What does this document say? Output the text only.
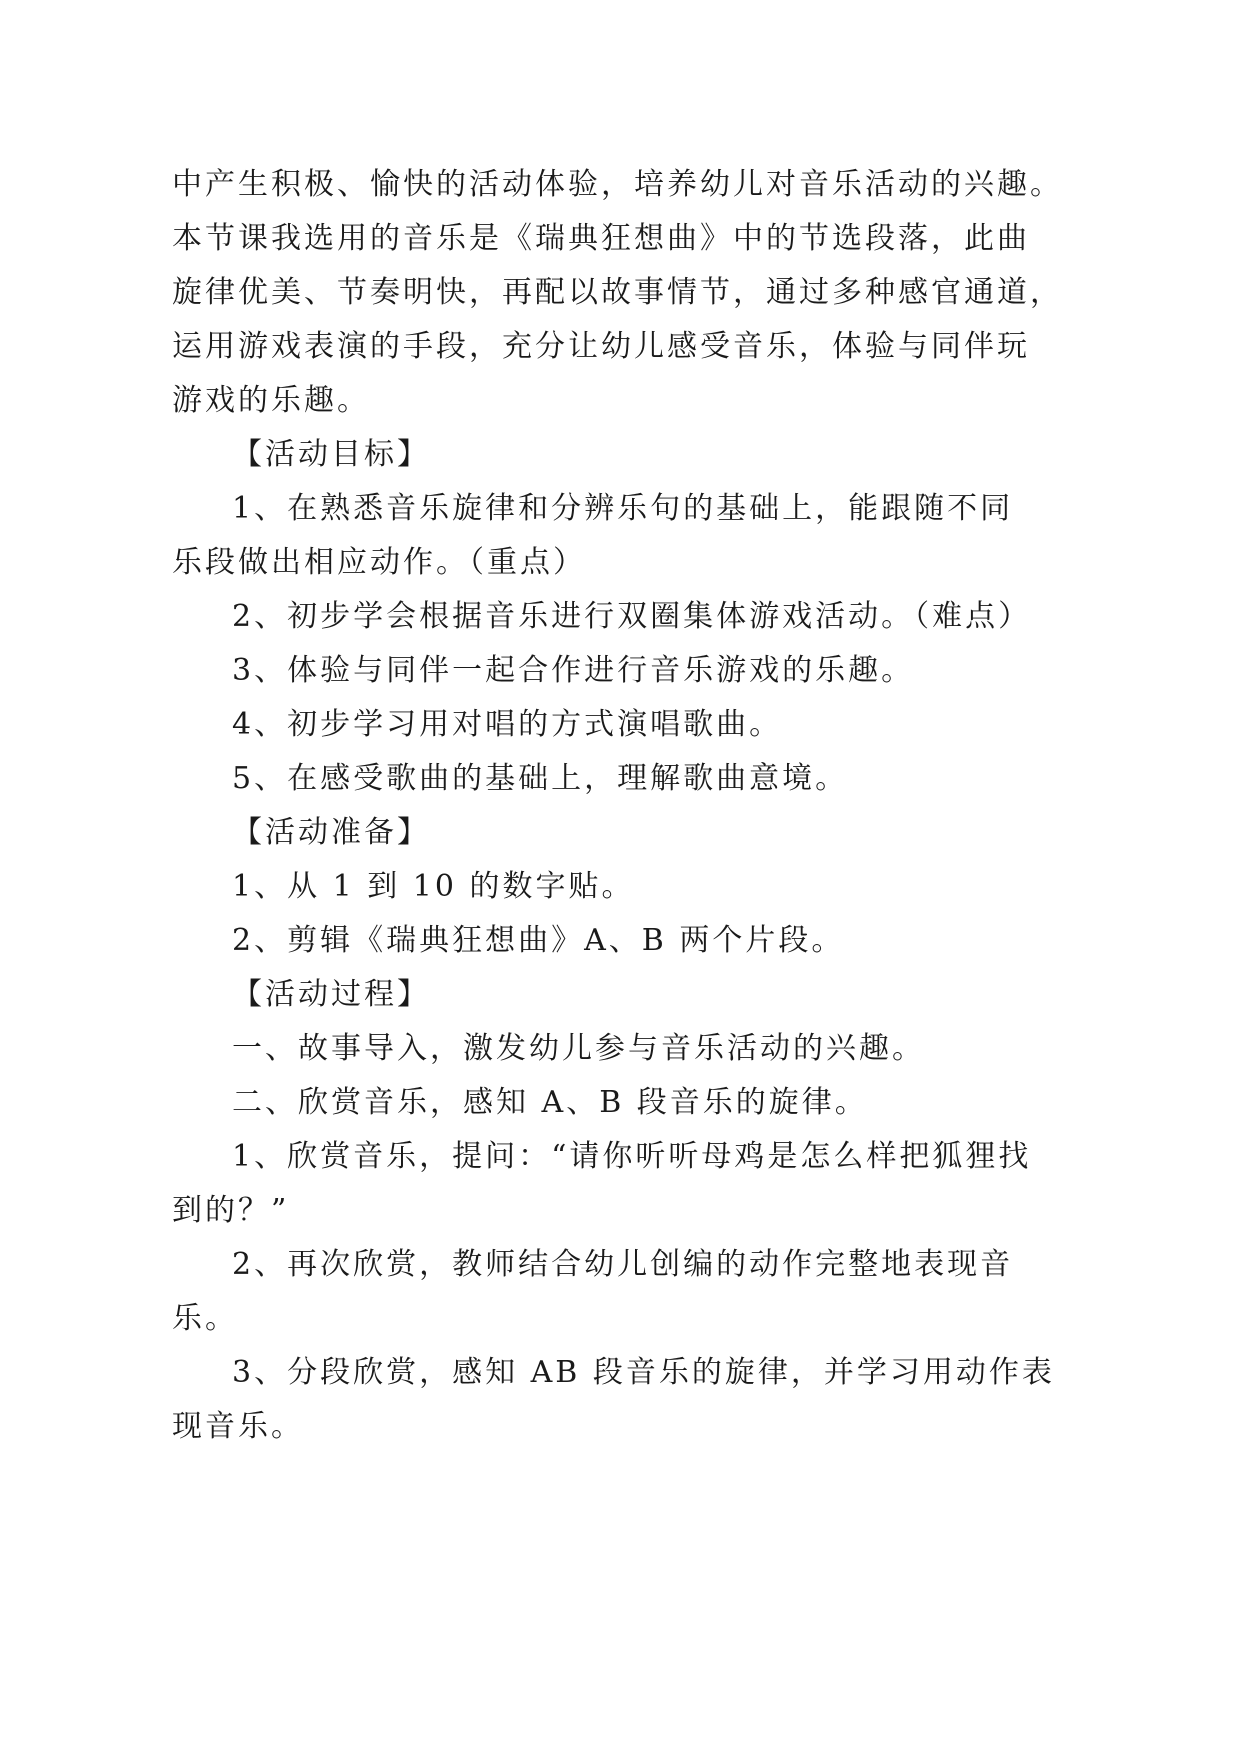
中产生积极、愉快的活动体验，培养幼儿对音乐活动的兴趣。
本节课我选用的音乐是《瑞典狂想曲》中的节选段落，此曲
旋律优美、节奏明快，再配以故事情节，通过多种感官通道，
运用游戏表演的手段，充分让幼儿感受音乐，体验与同伴玩
游戏的乐趣。
【活动目标】
1、在熟悉音乐旋律和分辨乐句的基础上，能跟随不同
乐段做出相应动作。（重点）
2、初步学会根据音乐进行双圈集体游戏活动。（难点）
3、体验与同伴一起合作进行音乐游戏的乐趣。
4、初步学习用对唱的方式演唱歌曲。
5、在感受歌曲的基础上，理解歌曲意境。
【活动准备】
1、从 1 到 10 的数字贴。
2、剪辑《瑞典狂想曲》A、B 两个片段。
【活动过程】
一、故事导入，激发幼儿参与音乐活动的兴趣。
二、欣赏音乐，感知 A、B 段音乐的旋律。
1、欣赏音乐，提问：“请你听听母鸡是怎么样把狐狸找
到的？”
2、再次欣赏，教师结合幼儿创编的动作完整地表现音
乐。
3、分段欣赏，感知 AB 段音乐的旋律，并学习用动作表
现音乐。
